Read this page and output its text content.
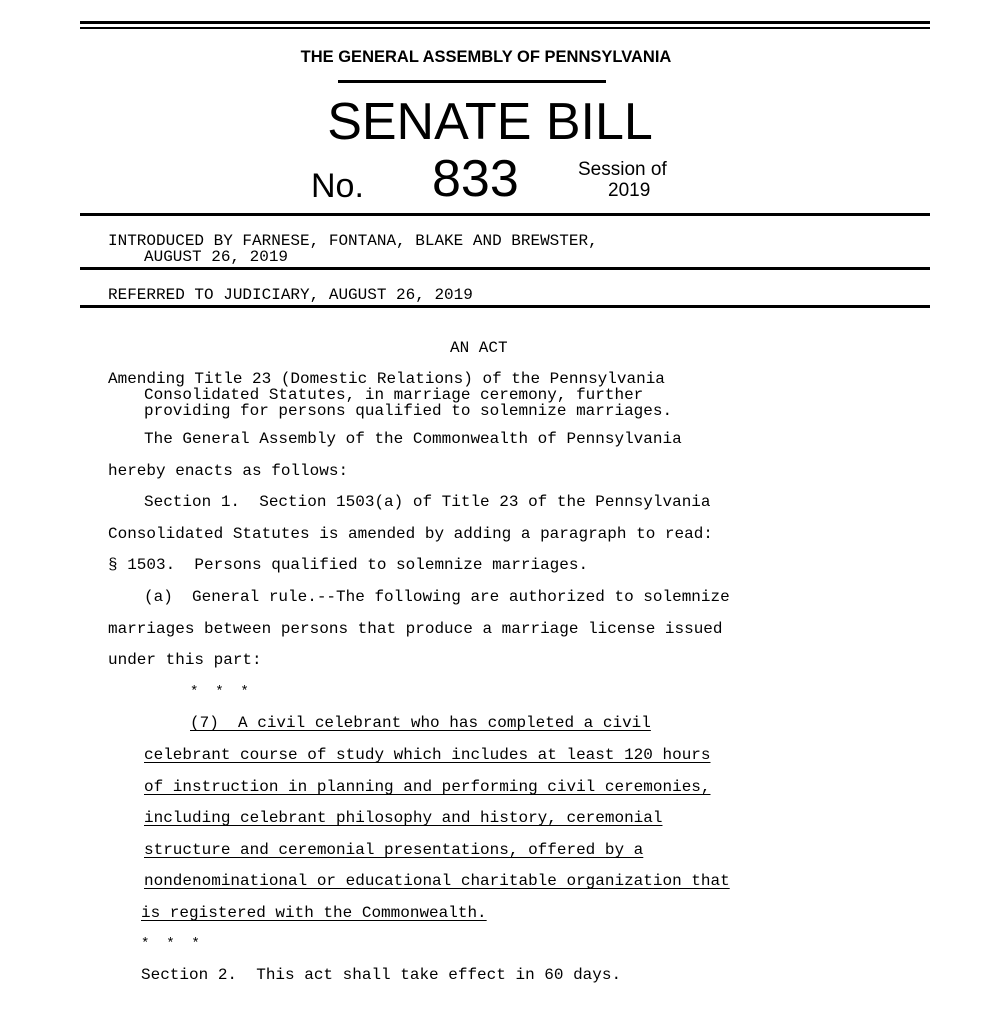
THE GENERAL ASSEMBLY OF PENNSYLVANIA
SENATE BILL
No. 833	Session of
2019
INTRODUCED BY FARNESE, FONTANA, BLAKE AND BREWSTER,
AUGUST 26, 2019
REFERRED TO JUDICIARY, AUGUST 26, 2019
AN ACT
Amending Title 23 (Domestic Relations) of the Pennsylvania
Consolidated Statutes, in marriage ceremony, further
providing for persons qualified to solemnize marriages.
The General Assembly of the Commonwealth of Pennsylvania
hereby enacts as follows:
Section 1.  Section 1503(a) of Title 23 of the Pennsylvania
Consolidated Statutes is amended by adding a paragraph to read:
§ 1503.  Persons qualified to solemnize marriages.
(a)  General rule.--The following are authorized to solemnize
marriages between persons that produce a marriage license issued
under this part:
*  *  *
(7)  A civil celebrant who has completed a civil
celebrant course of study which includes at least 120 hours
of instruction in planning and performing civil ceremonies,
including celebrant philosophy and history, ceremonial
structure and ceremonial presentations, offered by a
nondenominational or educational charitable organization that
is registered with the Commonwealth.
*  *  *
Section 2.  This act shall take effect in 60 days.
